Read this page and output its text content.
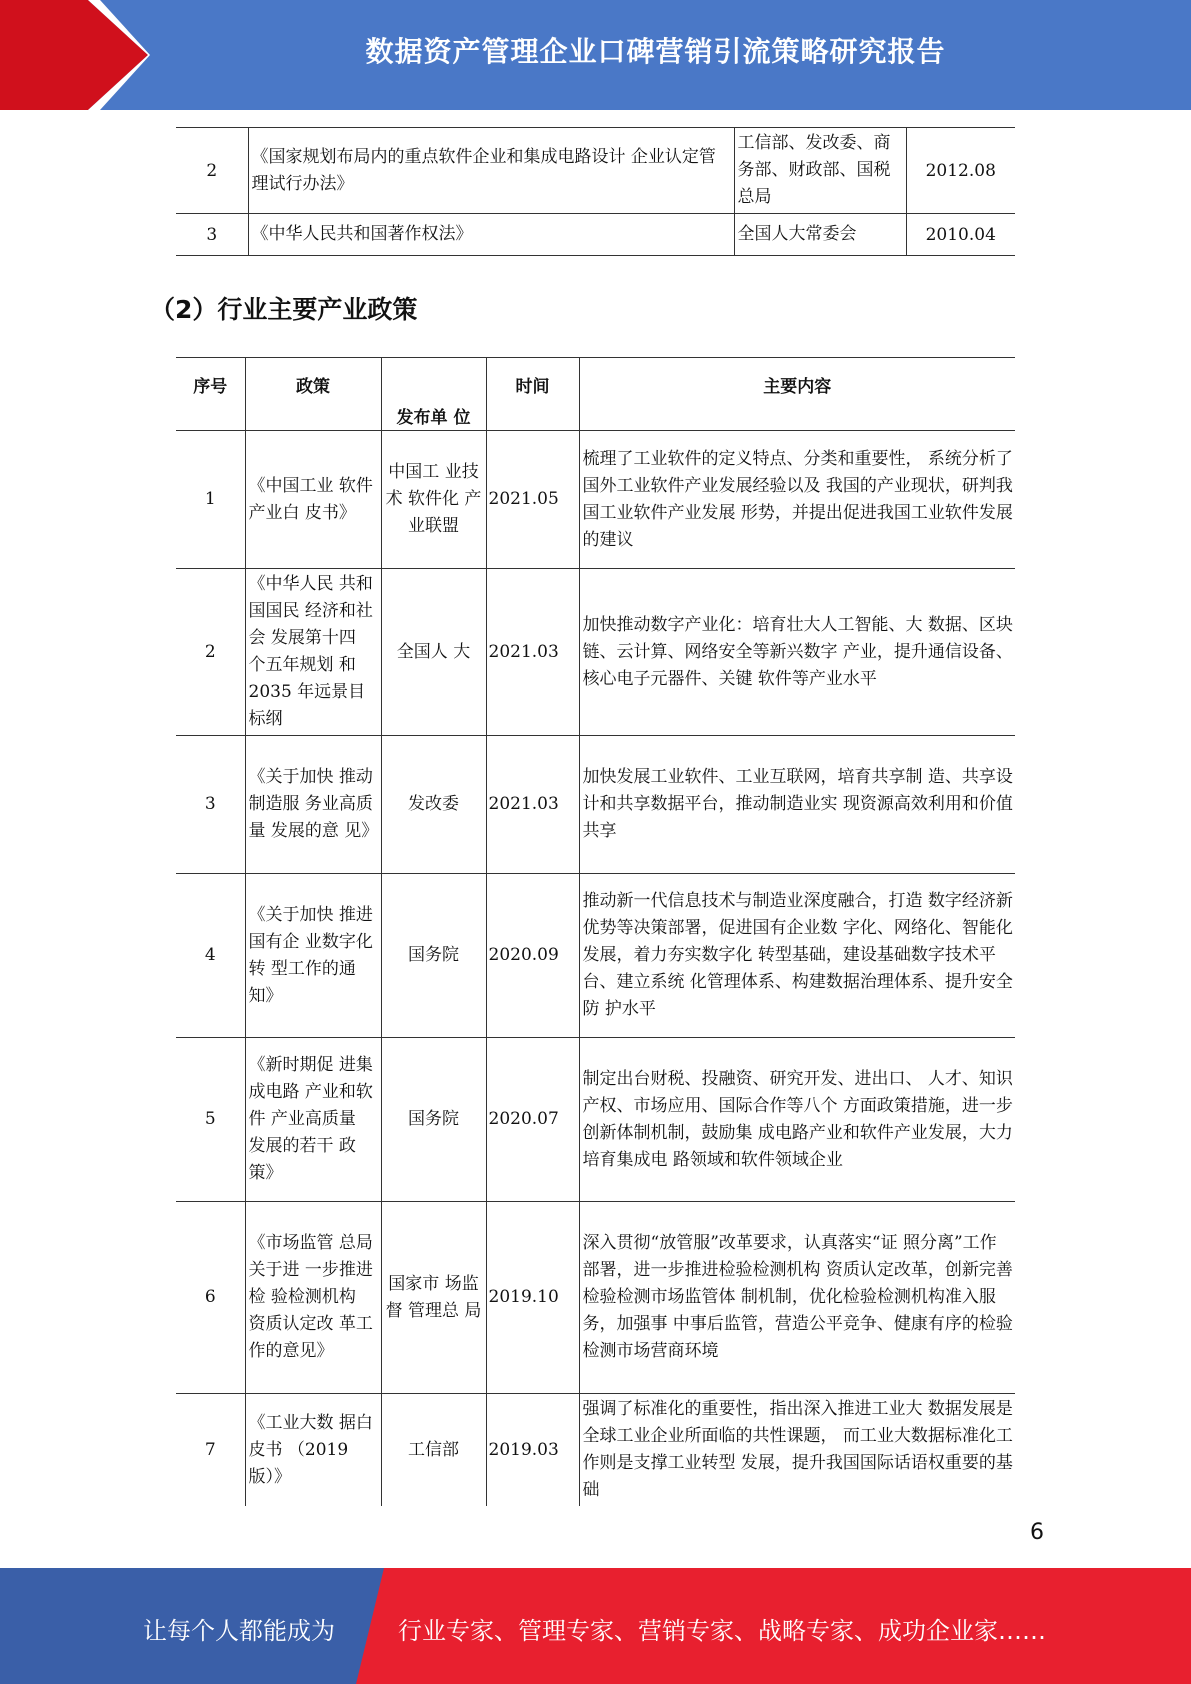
数据资产管理企业口碑营销引流策略研究报告
2	《国家规划布局内的重点软件企业和集成电路设计 企业认定管理试行办法》	工信部、发改委、商务部、财政部、国税总局	2012.08
3	《中华人民共和国著作权法》	全国人大常委会	2010.04
（2）行业主要产业政策
序号	政策	发布单 位	时间	主要内容
1	《中国工业 软件产业白 皮书》	中国工 业技术 软件化 产业联盟	2021.05	梳理了工业软件的定义特点、分类和重要性， 系统分析了国外工业软件产业发展经验以及 我国的产业现状，研判我国工业软件产业发展 形势，并提出促进我国工业软件发展的建议
2	《中华人民 共和国国民 经济和社会 发展第十四 个五年规划 和 2035 年远景目标纲	全国人 大	2021.03	加快推动数字产业化：培育壮大人工智能、大 数据、区块链、云计算、网络安全等新兴数字 产业，提升通信设备、核心电子元器件、关键 软件等产业水平
3	《关于加快 推动制造服 务业高质量 发展的意 见》	发改委	2021.03	加快发展工业软件、工业互联网，培育共享制 造、共享设计和共享数据平台，推动制造业实 现资源高效利用和价值共享
4	《关于加快 推进国有企 业数字化转 型工作的通 知》	国务院	2020.09	推动新一代信息技术与制造业深度融合，打造 数字经济新优势等决策部署，促进国有企业数 字化、网络化、智能化发展，着力夯实数字化 转型基础，建设基础数字技术平台、建立系统 化管理体系、构建数据治理体系、提升安全防 护水平
5	《新时期促 进集成电路 产业和软件 产业高质量 发展的若干 政策》	国务院	2020.07	制定出台财税、投融资、研究开发、进出口、 人才、知识产权、市场应用、国际合作等八个 方面政策措施，进一步创新体制机制，鼓励集 成电路产业和软件产业发展，大力培育集成电 路领域和软件领域企业
6	《市场监管 总局关于进 一步推进检 验检测机构 资质认定改 革工作的意见》	国家市 场监督 管理总 局	2019.10	深入贯彻“放管服”改革要求，认真落实“证 照分离”工作部署，进一步推进检验检测机构 资质认定改革，创新完善检验检测市场监管体 制机制，优化检验检测机构准入服务，加强事 中事后监管，营造公平竞争、健康有序的检验 检测市场营商环境
7	《工业大数 据白皮书 （2019 版）》	工信部	2019.03	强调了标准化的重要性，指出深入推进工业大 数据发展是全球工业企业所面临的共性课题， 而工业大数据标准化工作则是支撑工业转型 发展，提升我国国际话语权重要的基础
6
让每个人都能成为	行业专家、管理专家、营销专家、战略专家、成功企业家……
